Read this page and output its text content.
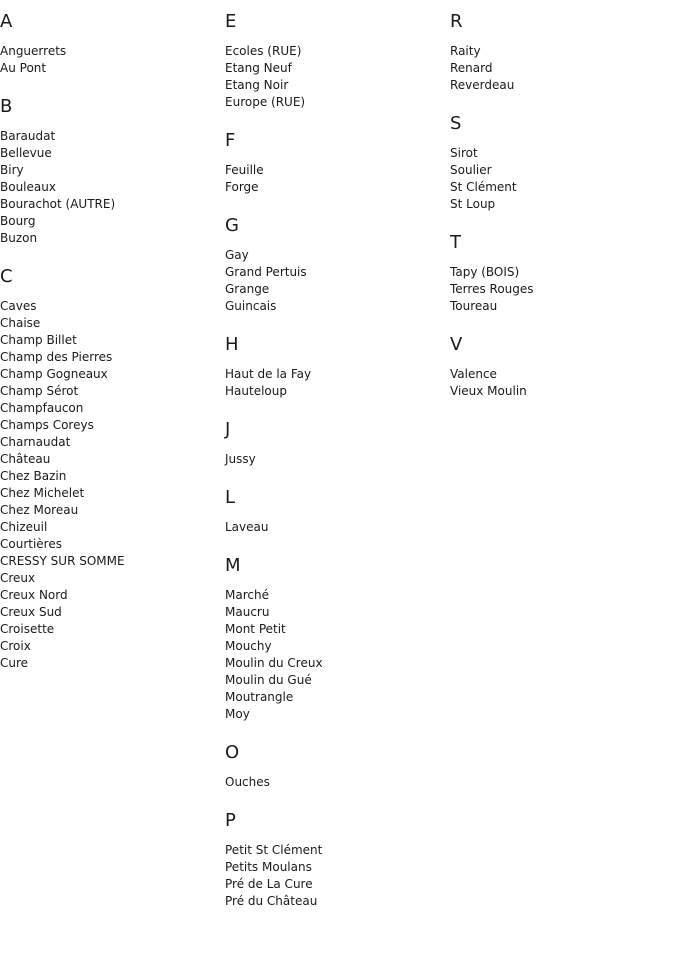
A
Anguerrets
Au Pont
B
Baraudat
Bellevue
Biry
Bouleaux
Bourachot (AUTRE)
Bourg
Buzon
C
Caves
Chaise
Champ Billet
Champ des Pierres
Champ Gogneaux
Champ Sérot
Champfaucon
Champs Coreys
Charnaudat
Château
Chez Bazin
Chez Michelet
Chez Moreau
Chizeuil
Courtières
CRESSY SUR SOMME
Creux
Creux Nord
Creux Sud
Croisette
Croix
Cure
E
Ecoles (RUE)
Etang Neuf
Etang Noir
Europe (RUE)
F
Feuille
Forge
G
Gay
Grand Pertuis
Grange
Guincais
H
Haut de la Fay
Hauteloup
J
Jussy
L
Laveau
M
Marché
Maucru
Mont Petit
Mouchy
Moulin du Creux
Moulin du Gué
Moutrangle
Moy
O
Ouches
P
Petit St Clément
Petits Moulans
Pré de La Cure
Pré du Château
R
Raity
Renard
Reverdeau
S
Sirot
Soulier
St Clément
St Loup
T
Tapy (BOIS)
Terres Rouges
Toureau
V
Valence
Vieux Moulin
